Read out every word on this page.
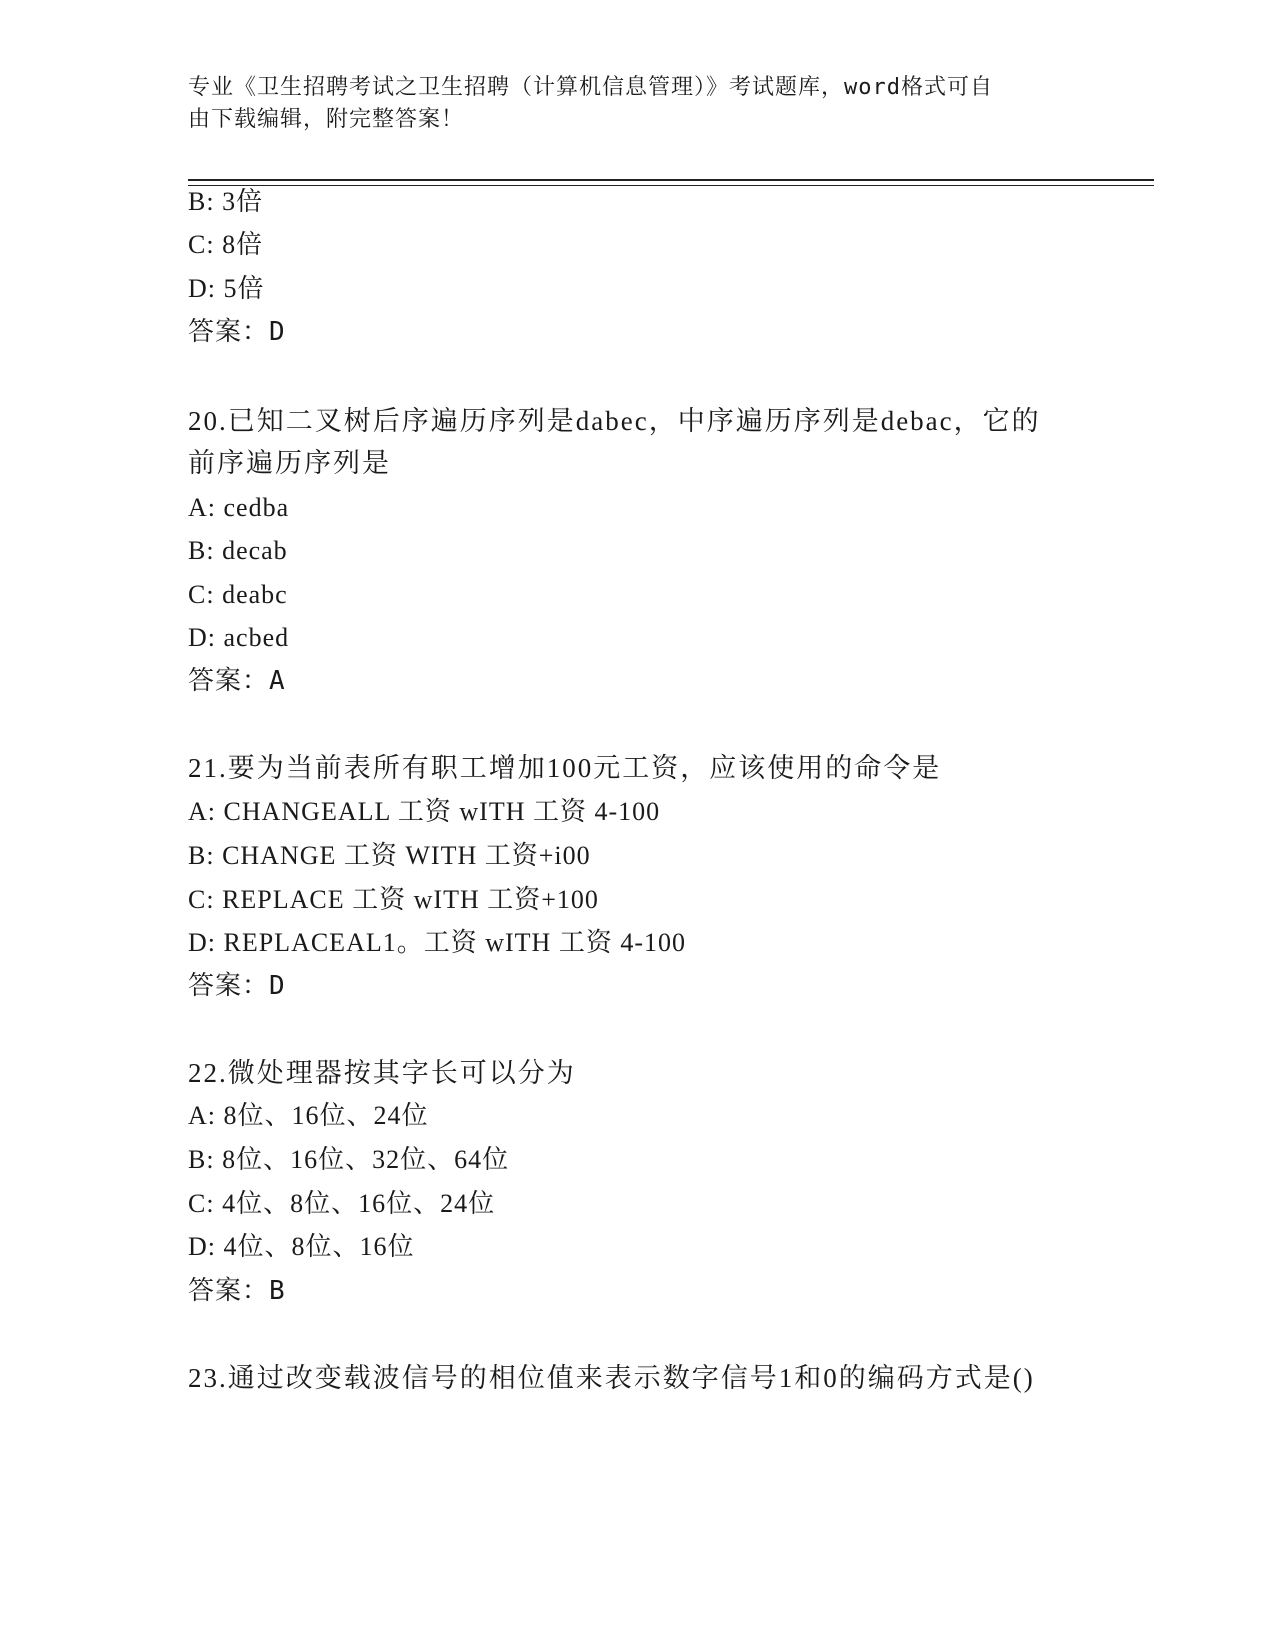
专业《卫生招聘考试之卫生招聘（计算机信息管理）》考试题库，word格式可自
由下载编辑，附完整答案！
B: 3倍
C: 8倍
D: 5倍
答案：D
20.已知二叉树后序遍历序列是dabec，中序遍历序列是debac，它的
前序遍历序列是
A: cedba
B: decab
C: deabc
D: acbed
答案：A
21.要为当前表所有职工增加100元工资，应该使用的命令是
A: CHANGEALL 工资 wITH 工资 4-100
B: CHANGE 工资 WITH 工资+i00
C: REPLACE 工资 wITH 工资+100
D: REPLACEAL1。工资 wITH 工资 4-100
答案：D
22.微处理器按其字长可以分为
A: 8位、16位、24位
B: 8位、16位、32位、64位
C: 4位、8位、16位、24位
D: 4位、8位、16位
答案：B
23.通过改变载波信号的相位值来表示数字信号1和0的编码方式是()
